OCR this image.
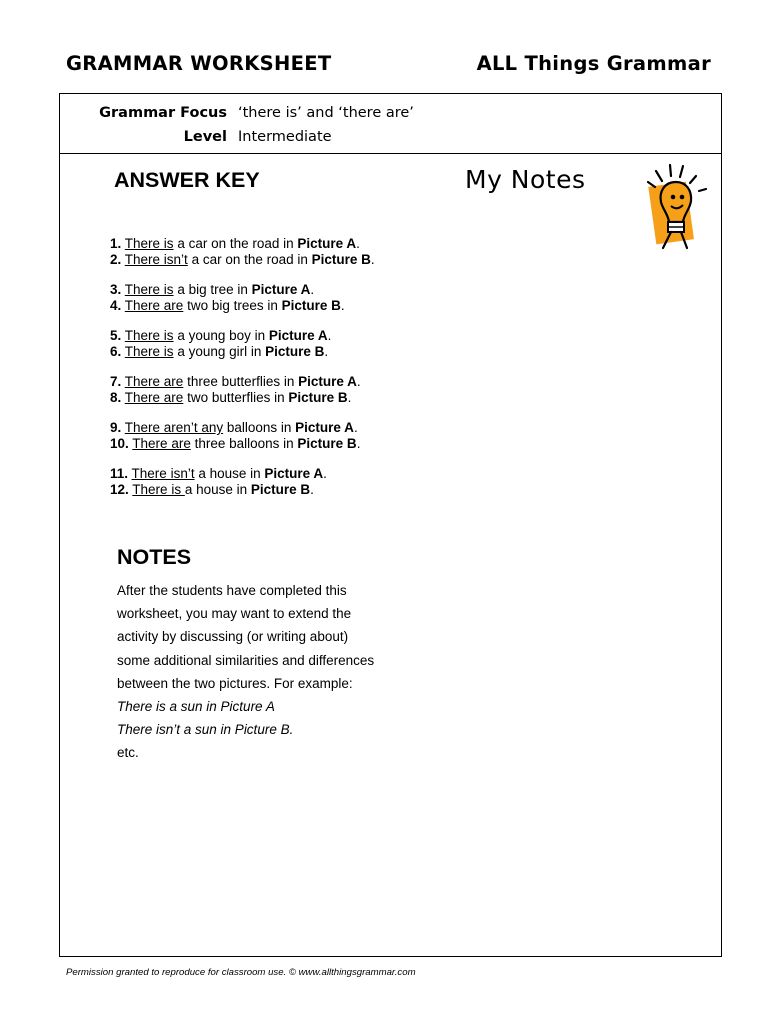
GRAMMAR WORKSHEET	ALL Things Grammar
Grammar Focus ‘there is’ and ‘there are’
Level Intermediate
ANSWER KEY	My Notes
1. There is a car on the road in Picture A.
2. There isn’t a car on the road in Picture B.
3. There is a big tree in Picture A.
4. There are two big trees in Picture B.
5. There is a young boy in Picture A.
6. There is a young girl in Picture B.
7. There are three butterflies in Picture A.
8. There are two butterflies in Picture B.
9. There aren’t any balloons in Picture A.
10. There are three balloons in Picture B.
11. There isn’t a house in Picture A.
12. There is a house in Picture B.
NOTES
After the students have completed this
worksheet, you may want to extend the
activity by discussing (or writing about)
some additional similarities and differences
between the two pictures. For example:
There is a sun in Picture A
There isn’t a sun in Picture B.
etc.
Permission granted to reproduce for classroom use. © www.allthingsgrammar.com
